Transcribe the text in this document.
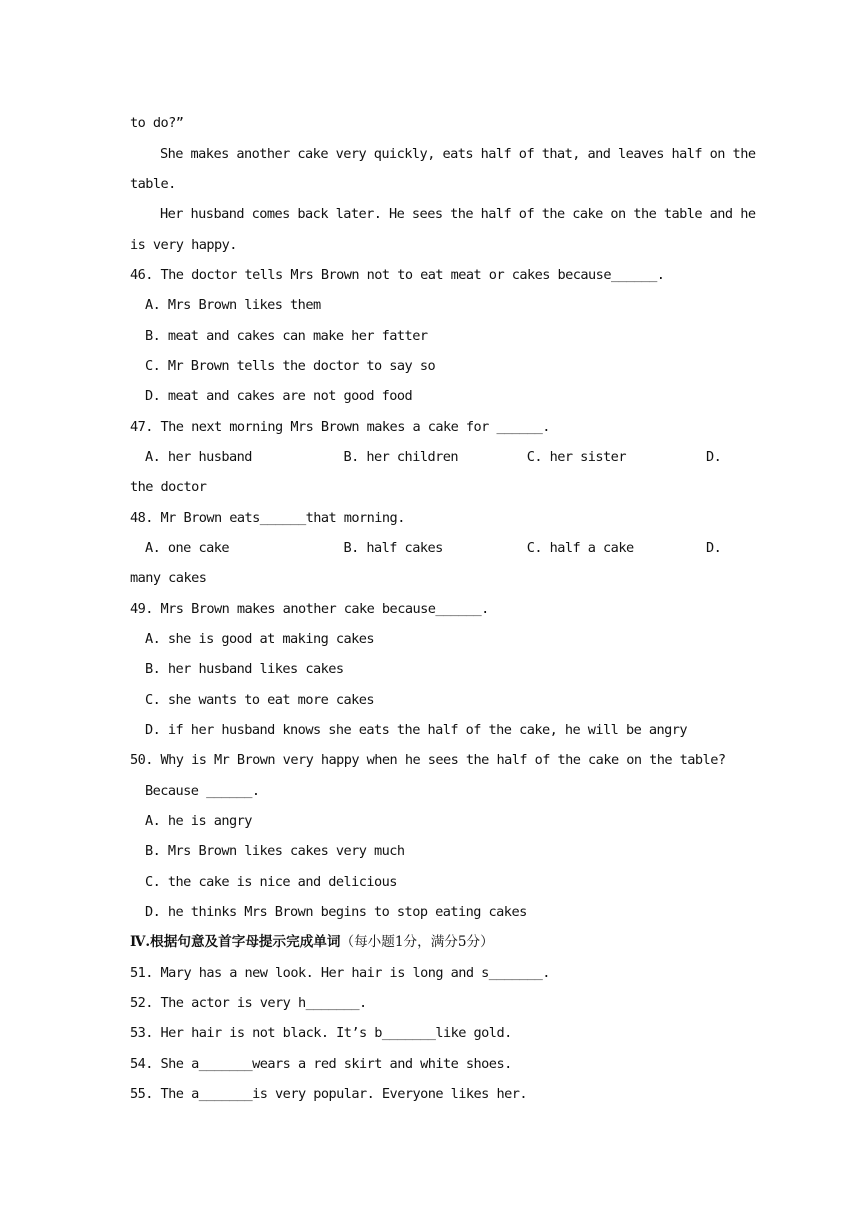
to do?”
She makes another cake very quickly, eats half of that, and leaves half on the
table.
Her husband comes back later. He sees the half of the cake on the table and he
is very happy.
46. The doctor tells Mrs Brown not to eat meat or cakes because______.
A. Mrs Brown likes them
B. meat and cakes can make her fatter
C. Mr Brown tells the doctor to say so
D. meat and cakes are not good food
47. The next morning Mrs Brown makes a cake for ______.
A. her husband            B. her children         C. her sister	D.
the doctor
48. Mr Brown eats______that morning.
A. one cake               B. half cakes           C. half a cake	D.
many cakes
49. Mrs Brown makes another cake because______.
A. she is good at making cakes
B. her husband likes cakes
C. she wants to eat more cakes
D. if her husband knows she eats the half of the cake, he will be angry
50. Why is Mr Brown very happy when he sees the half of the cake on the table?
Because ______.
A. he is angry
B. Mrs Brown likes cakes very much
C. the cake is nice and delicious
D. he thinks Mrs Brown begins to stop eating cakes
Ⅳ.根据句意及首字母提示完成单词（每小题1分，满分5分）
51. Mary has a new look. Her hair is long and s_______.
52. The actor is very h_______.
53. Her hair is not black. It’s b_______like gold.
54. She a_______wears a red skirt and white shoes.
55. The a_______is very popular. Everyone likes her.
